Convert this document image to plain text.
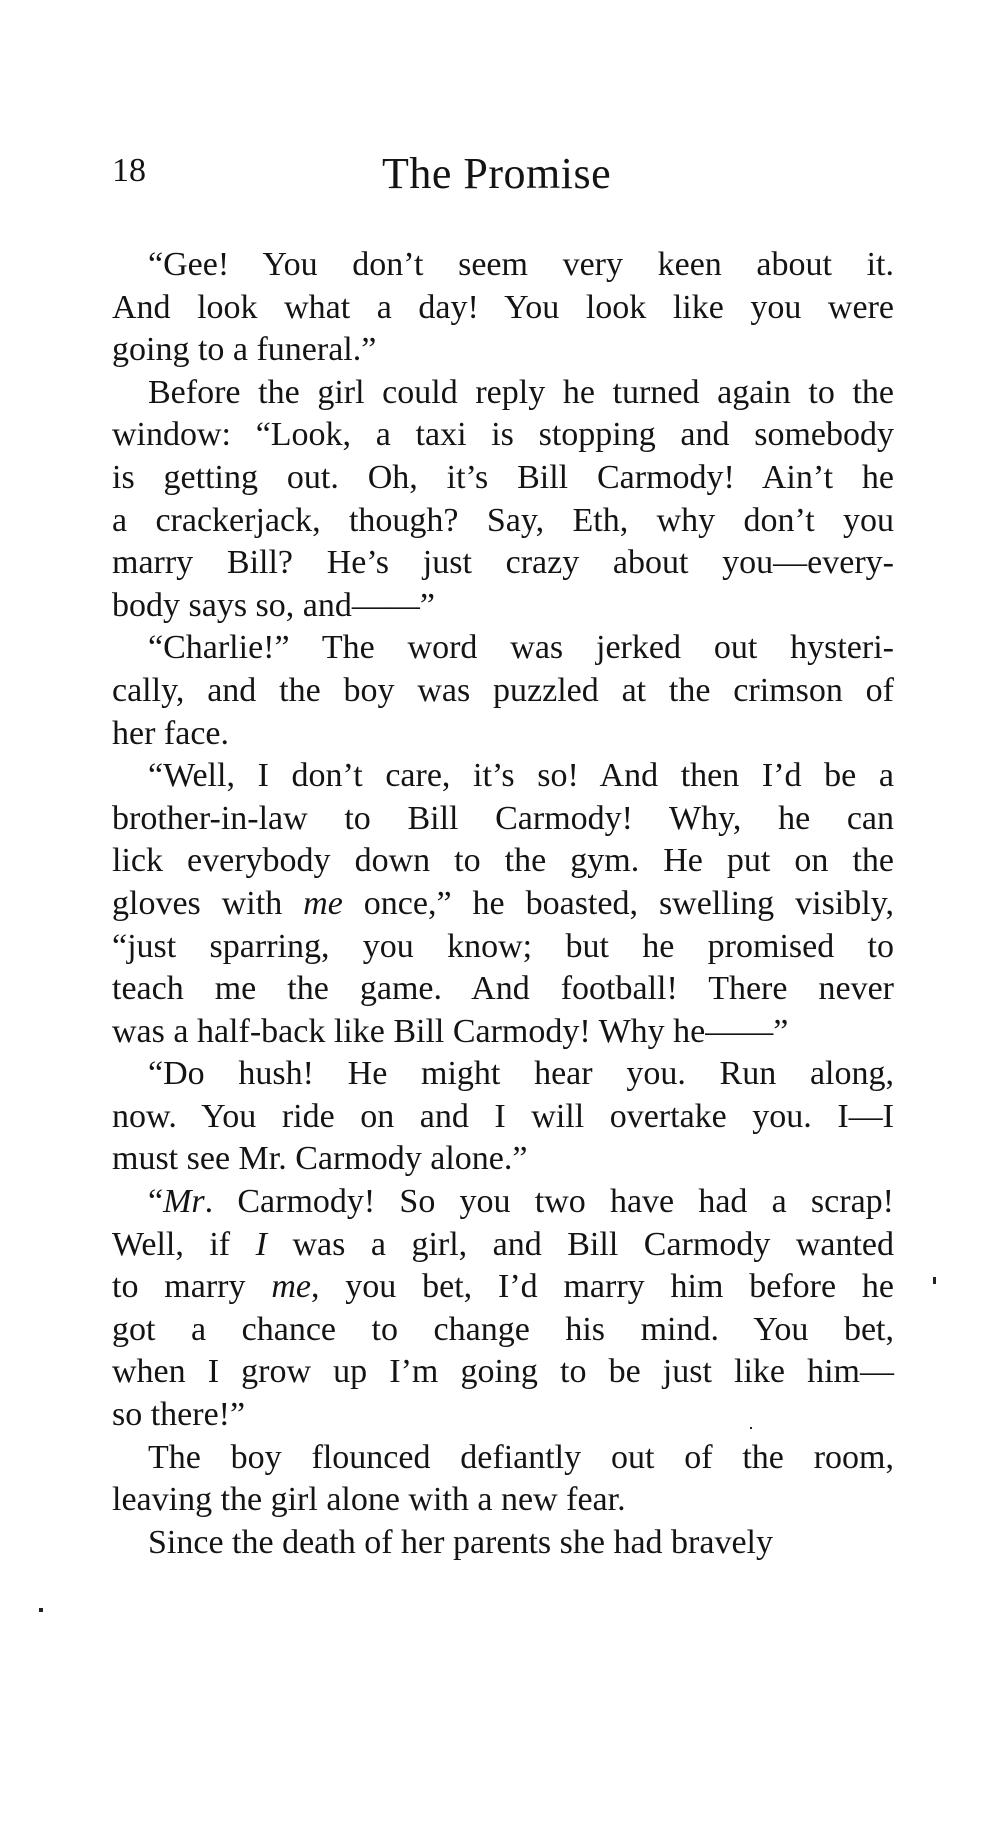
18	The Promise
“Gee! You don’t seem very keen about it.
And look what a day! You look like you were
going to a funeral.”
Before the girl could reply he turned again to the
window: “Look, a taxi is stopping and somebody
is getting out. Oh, it’s Bill Carmody! Ain’t he
a crackerjack, though? Say, Eth, why don’t you
marry Bill? He’s just crazy about you—every-
body says so, and——”
“Charlie!” The word was jerked out hysteri-
cally, and the boy was puzzled at the crimson of
her face.
“Well, I don’t care, it’s so! And then I’d be a
brother-in-law to Bill Carmody! Why, he can
lick everybody down to the gym. He put on the
gloves with me once,” he boasted, swelling visibly,
“just sparring, you know; but he promised to
teach me the game. And football! There never
was a half-back like Bill Carmody! Why he——”
“Do hush! He might hear you. Run along,
now. You ride on and I will overtake you. I—I
must see Mr. Carmody alone.”
“Mr. Carmody! So you two have had a scrap!
Well, if I was a girl, and Bill Carmody wanted
to marry me, you bet, I’d marry him before he
got a chance to change his mind. You bet,
when I grow up I’m going to be just like him—
so there!”
The boy flounced defiantly out of the room,
leaving the girl alone with a new fear.
Since the death of her parents she had bravely
